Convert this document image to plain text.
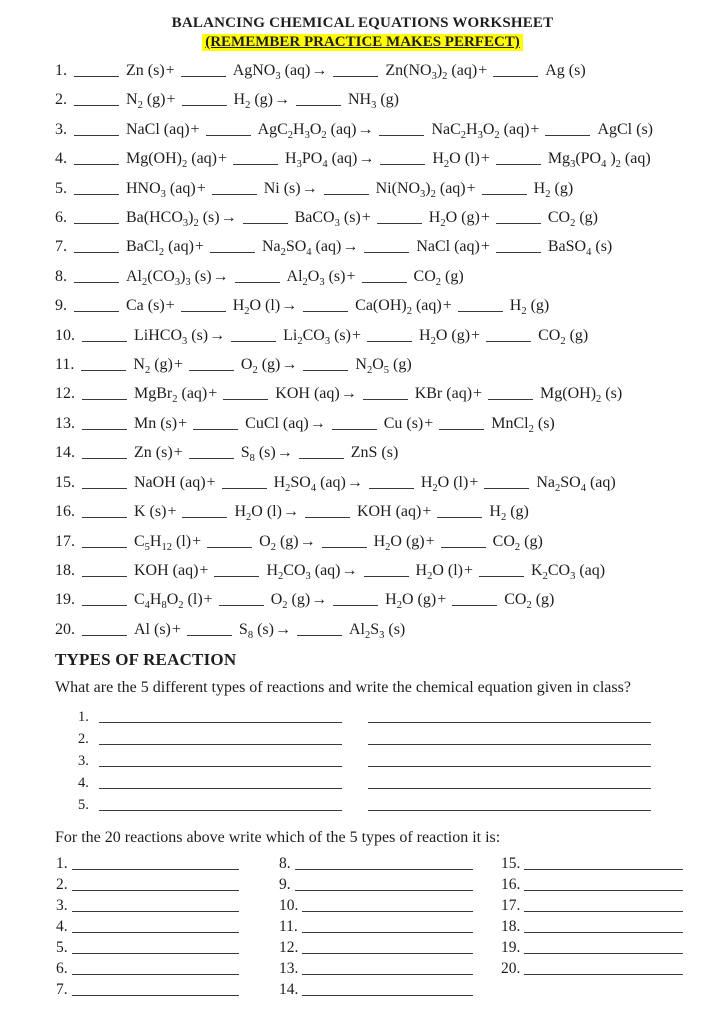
BALANCING CHEMICAL EQUATIONS WORKSHEET
(REMEMBER PRACTICE MAKES PERFECT)
1.	Zn (s)+	AgNO$_3$ (aq)→	$Zn(NO_3)_2$ (aq)+	Ag (s)
2.	$N_2$ (g)+	$H_2$ (g)→	$NH_3$ (g)
3.	NaCl (aq)+	$AgC_2H_3O_2$ (aq)→	$NaC_2H_3O_2$ (aq)+	AgCl (s)
4.	$Mg(OH)_2$ (aq)+	$H_3PO_4$ (aq)→	$H_2O$ (l)+	$Mg_3(PO_4$ )$_2$ (aq)
5.	$HNO_3$ (aq)+	Ni (s)→	$Ni(NO_3)_2$ (aq)+	$H_2$ (g)
6.	$Ba(HCO_3)_2$ (s)→	BaCO$_3$ (s)+	$H_2O$ (g)+	$CO_2$ (g)
7.	BaCl$_2$ (aq)+	$Na_2SO_4$ (aq)→	NaCl (aq)+	BaSO$_4$ (s)
8.	$Al_2(CO_3)_3$ (s)→	$Al_2O_3$ (s)+	$CO_2$ (g)
9.	Ca (s)+	$H_2O$ (l)→	$Ca(OH)_2$ (aq)+	$H_2$ (g)
10.	LiHCO$_3$ (s)→	$Li_2CO_3$ (s)+	$H_2O$ (g)+	$CO_2$ (g)
11.	$N_2$ (g)+	$O_2$ (g)→	$N_2O_5$ (g)
12.	MgBr$_2$ (aq)+	KOH (aq)→	KBr (aq)+	$Mg(OH)_2$ (s)
13.	Mn (s)+	CuCl (aq)→	Cu (s)+	MnCl$_2$ (s)
14.	Zn (s)+	$S_8$ (s)→	ZnS (s)
15.	NaOH (aq)+	$H_2SO_4$ (aq)→	$H_2O$ (l)+	$Na_2SO_4$ (aq)
16.	K (s)+	$H_2O$ (l)→	KOH (aq)+	$H_2$ (g)
17.	$C_5H_{12}$ (l)+	$O_2$ (g)→	$H_2O$ (g)+	$CO_2$ (g)
18.	KOH (aq)+	$H_2CO_3$ (aq)→	$H_2O$ (l)+	$K_2CO_3$ (aq)
19.	$C_4H_8O_2$ (l)+	$O_2$ (g)→	$H_2O$ (g)+	$CO_2$ (g)
20.	Al (s)+	$S_8$ (s)→	$Al_2S_3$ (s)
TYPES OF REACTION
What are the 5 different types of reactions and write the chemical equation given in class?
1.
2.
3.
4.
5.
For the 20 reactions above write which of the 5 types of reaction it is:
1.
2.
3.
4.
5.
6.
7.
8.
9.
10.
11.
12.
13.
14.
15.
16.
17.
18.
19.
20.
